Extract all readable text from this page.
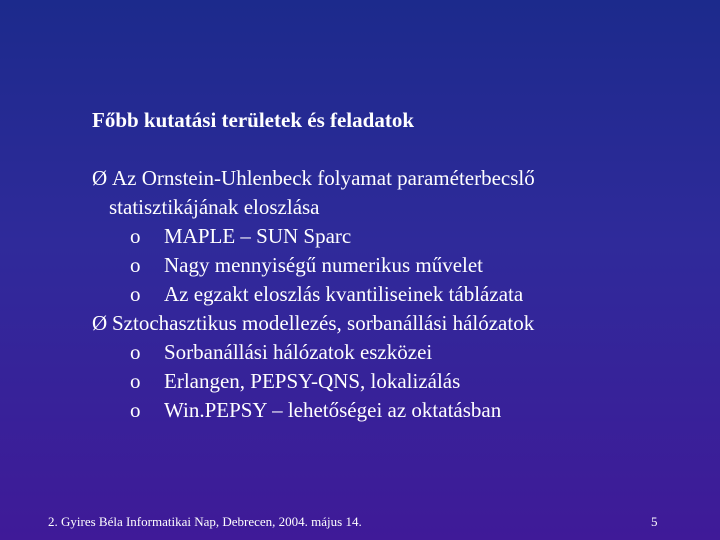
Főbb kutatási területek és feladatok
Ø Az Ornstein-Uhlenbeck folyamat paraméterbecslő
statisztikájának eloszlása
o	MAPLE – SUN Sparc
o	Nagy mennyiségű numerikus művelet
o	Az egzakt eloszlás kvantiliseinek táblázata
Ø Sztochasztikus modellezés, sorbanállási hálózatok
o	Sorbanállási hálózatok eszközei
o	Erlangen, PEPSY-QNS, lokalizálás
o	Win.PEPSY – lehetőségei az oktatásban
2. Gyires Béla Informatikai Nap, Debrecen, 2004. május 14.	5
